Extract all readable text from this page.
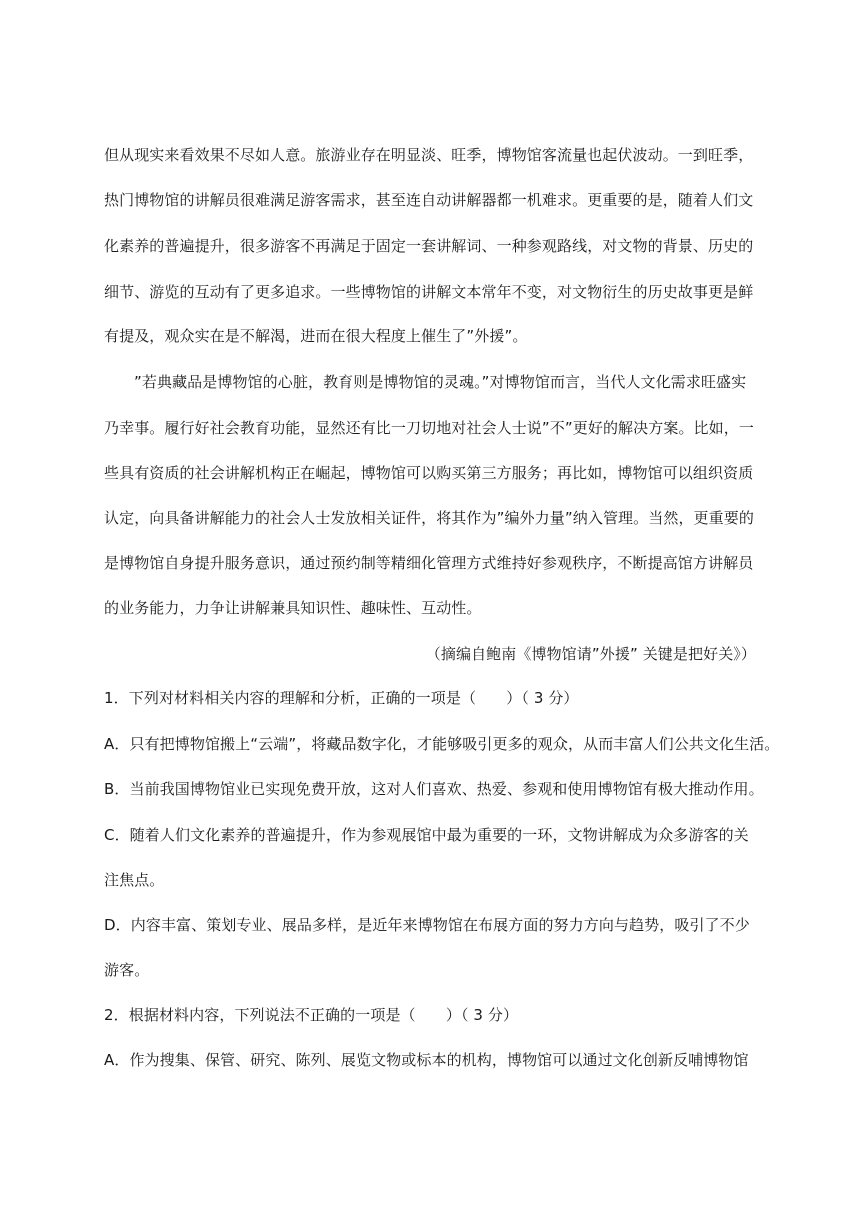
但从现实来看效果不尽如人意。旅游业存在明显淡、旺季，博物馆客流量也起伏波动。一到旺季，

热门博物馆的讲解员很难满足游客需求，甚至连自动讲解器都一机难求。更重要的是，随着人们文

化素养的普遍提升，很多游客不再满足于固定一套讲解词、一种参观路线，对文物的背景、历史的

细节、游览的互动有了更多追求。一些博物馆的讲解文本常年不变，对文物衍生的历史故事更是鲜

有提及，观众实在是不解渴，进而在很大程度上催生了”外援”。

”若典藏品是博物馆的心脏，教育则是博物馆的灵魂。”对博物馆而言，当代人文化需求旺盛实

乃幸事。履行好社会教育功能，显然还有比一刀切地对社会人士说”不”更好的解决方案。比如，一

些具有资质的社会讲解机构正在崛起，博物馆可以购买第三方服务；再比如，博物馆可以组织资质

认定，向具备讲解能力的社会人士发放相关证件，将其作为”编外力量”纳入管理。当然，更重要的

是博物馆自身提升服务意识，通过预约制等精细化管理方式维持好参观秩序，不断提高馆方讲解员

的业务能力，力争让讲解兼具知识性、趣味性、互动性。

（摘编自鲍南《博物馆请”外援” 关键是把好关》）

1．下列对材料相关内容的理解和分析，正确的一项是（　　）（ 3 分）

A．只有把博物馆搬上“云端”，将藏品数字化，才能够吸引更多的观众，从而丰富人们公共文化生活。

B．当前我国博物馆业已实现免费开放，这对人们喜欢、热爱、参观和使用博物馆有极大推动作用。

C．随着人们文化素养的普遍提升，作为参观展馆中最为重要的一环，文物讲解成为众多游客的关

注焦点。

D．内容丰富、策划专业、展品多样，是近年来博物馆在布展方面的努力方向与趋势，吸引了不少

游客。

2．根据材料内容，下列说法不正确的一项是（　　）（ 3 分）

A．作为搜集、保管、研究、陈列、展览文物或标本的机构，博物馆可以通过文化创新反哺博物馆
